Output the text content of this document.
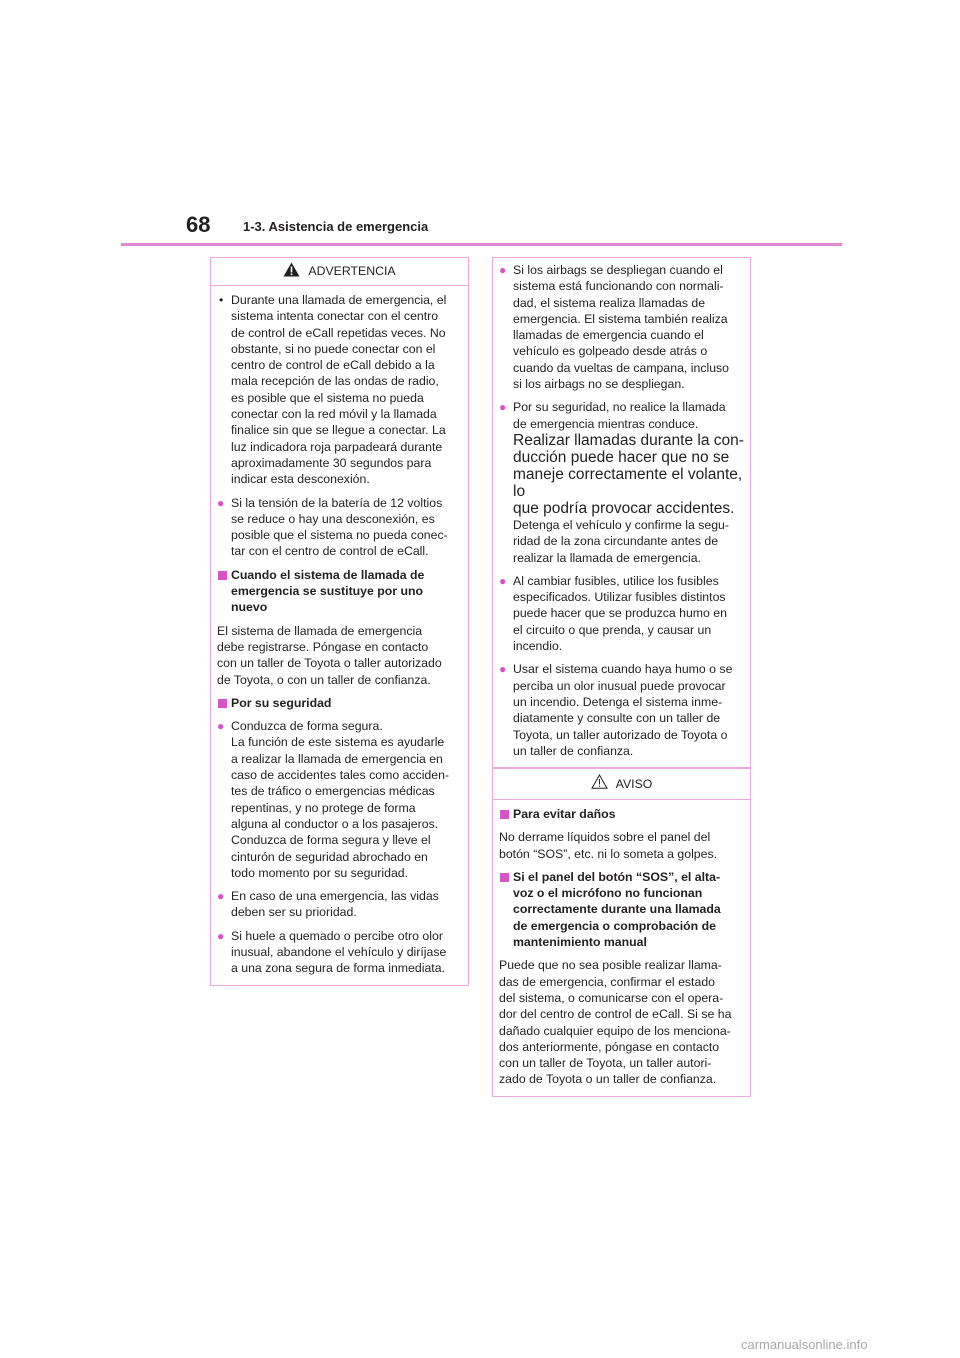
68	1-3. Asistencia de emergencia
ADVERTENCIA
• Durante una llamada de emergencia, el
sistema intenta conectar con el centro
de control de eCall repetidas veces. No
obstante, si no puede conectar con el
centro de control de eCall debido a la
mala recepción de las ondas de radio,
es posible que el sistema no pueda
conectar con la red móvil y la llamada
finalice sin que se llegue a conectar. La
luz indicadora roja parpadeará durante
aproximadamente 30 segundos para
indicar esta desconexión.
● Si la tensión de la batería de 12 voltios
se reduce o hay una desconexión, es
posible que el sistema no pueda conec-
tar con el centro de control de eCall.
Cuando el sistema de llamada de
emergencia se sustituye por uno
nuevo
El sistema de llamada de emergencia
debe registrarse. Póngase en contacto
con un taller de Toyota o taller autorizado
de Toyota, o con un taller de confianza.
Por su seguridad
● Conduzca de forma segura.
La función de este sistema es ayudarle
a realizar la llamada de emergencia en
caso de accidentes tales como acciden-
tes de tráfico o emergencias médicas
repentinas, y no protege de forma
alguna al conductor o a los pasajeros.
Conduzca de forma segura y lleve el
cinturón de seguridad abrochado en
todo momento por su seguridad.
● En caso de una emergencia, las vidas
deben ser su prioridad.
● Si huele a quemado o percibe otro olor
inusual, abandone el vehículo y diríjase
a una zona segura de forma inmediata.
● Si los airbags se despliegan cuando el
sistema está funcionando con normali-
dad, el sistema realiza llamadas de
emergencia. El sistema también realiza
llamadas de emergencia cuando el
vehículo es golpeado desde atrás o
cuando da vueltas de campana, incluso
si los airbags no se despliegan.
● Por su seguridad, no realice la llamada
de emergencia mientras conduce.
Realizar llamadas durante la con-
ducción puede hacer que no se
maneje correctamente el volante, lo
que podría provocar accidentes.
Detenga el vehículo y confirme la segu-
ridad de la zona circundante antes de
realizar la llamada de emergencia.
● Al cambiar fusibles, utilice los fusibles
especificados. Utilizar fusibles distintos
puede hacer que se produzca humo en
el circuito o que prenda, y causar un
incendio.
● Usar el sistema cuando haya humo o se
perciba un olor inusual puede provocar
un incendio. Detenga el sistema inme-
diatamente y consulte con un taller de
Toyota, un taller autorizado de Toyota o
un taller de confianza.
AVISO
Para evitar daños
No derrame líquidos sobre el panel del
botón “SOS”, etc. ni lo someta a golpes.
Si el panel del botón “SOS”, el alta-
voz o el micrófono no funcionan
correctamente durante una llamada
de emergencia o comprobación de
mantenimiento manual
Puede que no sea posible realizar llama-
das de emergencia, confirmar el estado
del sistema, o comunicarse con el opera-
dor del centro de control de eCall. Si se ha
dañado cualquier equipo de los menciona-
dos anteriormente, póngase en contacto
con un taller de Toyota, un taller autori-
zado de Toyota o un taller de confianza.
carmanualsonline.info
